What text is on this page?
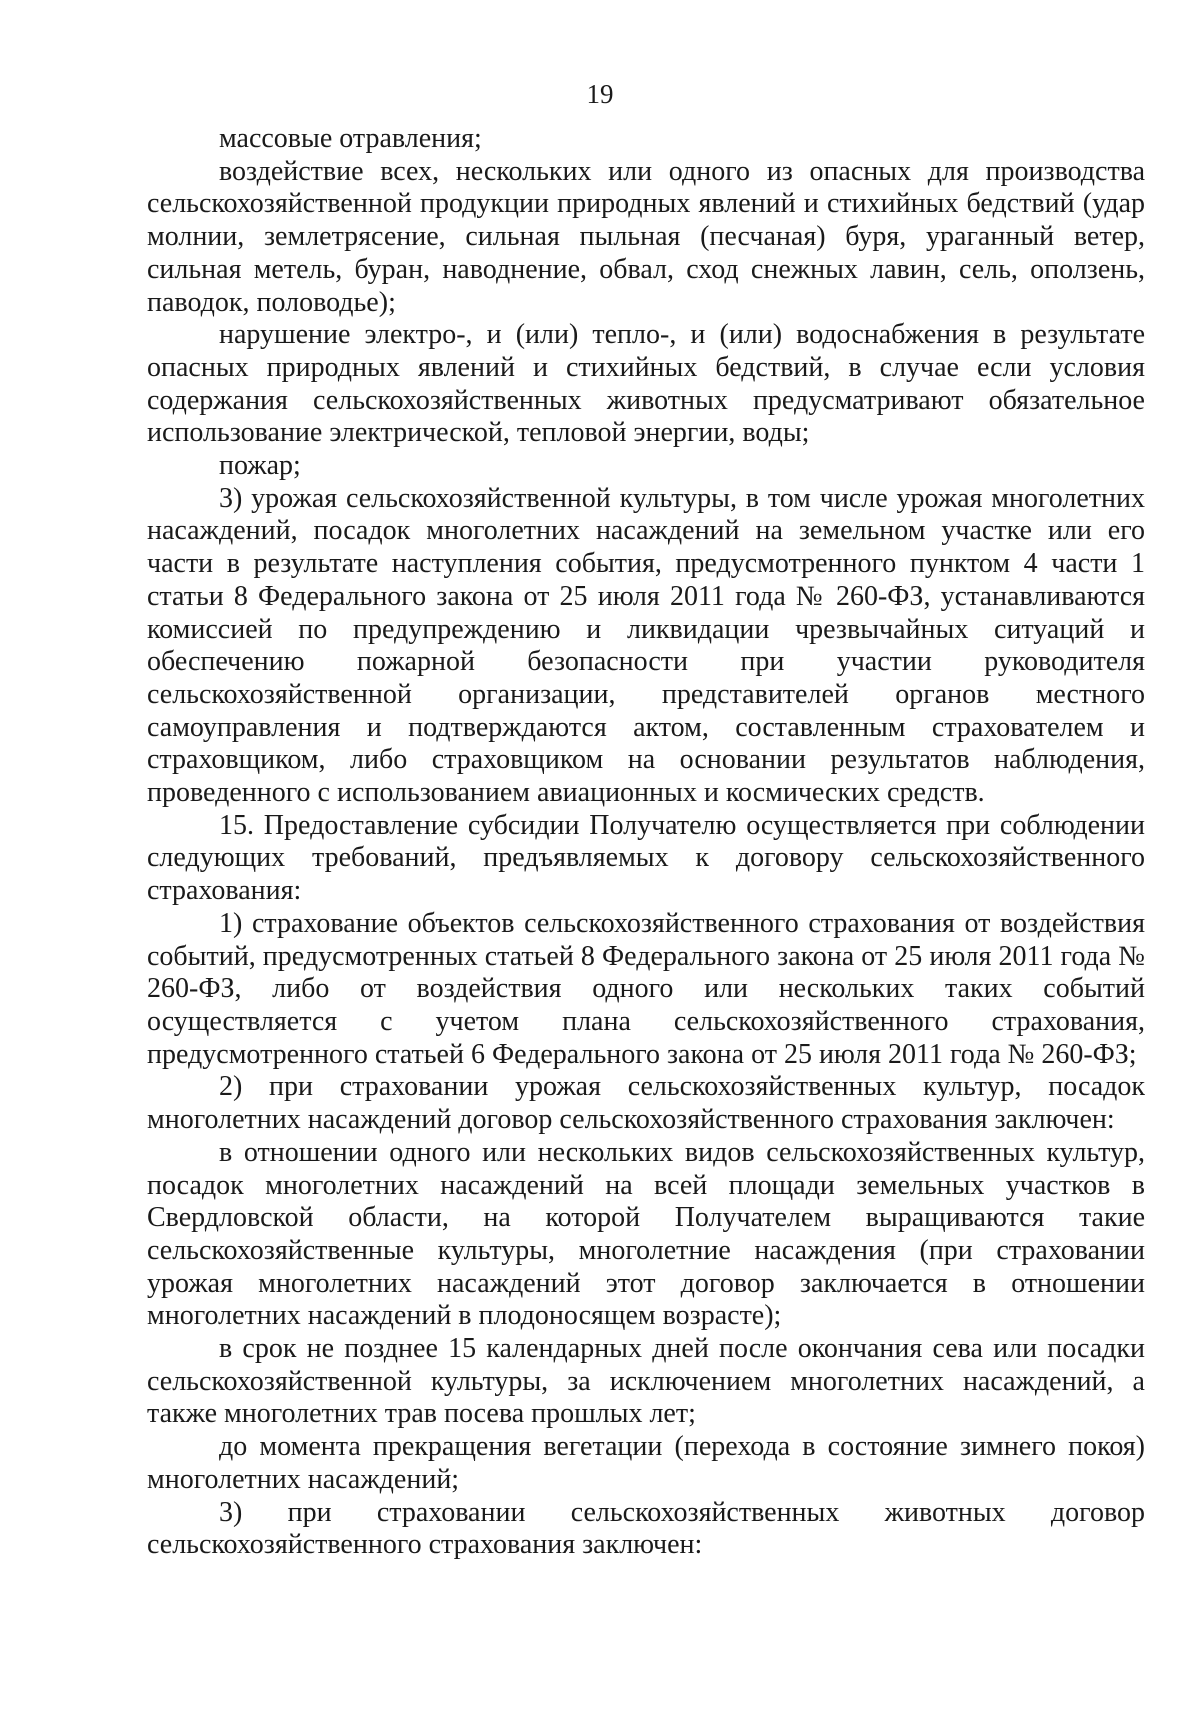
19

массовые отравления;

воздействие всех, нескольких или одного из опасных для производства сельскохозяйственной продукции природных явлений и стихийных бедствий (удар молнии, землетрясение, сильная пыльная (песчаная) буря, ураганный ветер, сильная метель, буран, наводнение, обвал, сход снежных лавин, сель, оползень, паводок, половодье);

нарушение электро-, и (или) тепло-, и (или) водоснабжения в результате опасных природных явлений и стихийных бедствий, в случае если условия содержания сельскохозяйственных животных предусматривают обязательное использование электрической, тепловой энергии, воды;

пожар;

3) урожая сельскохозяйственной культуры, в том числе урожая многолетних насаждений, посадок многолетних насаждений на земельном участке или его части в результате наступления события, предусмотренного пунктом 4 части 1 статьи 8 Федерального закона от 25 июля 2011 года № 260-ФЗ, устанавливаются комиссией по предупреждению и ликвидации чрезвычайных ситуаций и обеспечению пожарной безопасности при участии руководителя сельскохозяйственной организации, представителей органов местного самоуправления и подтверждаются актом, составленным страхователем и страховщиком, либо страховщиком на основании результатов наблюдения, проведенного с использованием авиационных и космических средств.

15. Предоставление субсидии Получателю осуществляется при соблюдении следующих требований, предъявляемых к договору сельскохозяйственного страхования:

1) страхование объектов сельскохозяйственного страхования от воздействия событий, предусмотренных статьей 8 Федерального закона от 25 июля 2011 года № 260-ФЗ, либо от воздействия одного или нескольких таких событий осуществляется с учетом плана сельскохозяйственного страхования, предусмотренного статьей 6 Федерального закона от 25 июля 2011 года № 260-ФЗ;

2) при страховании урожая сельскохозяйственных культур, посадок многолетних насаждений договор сельскохозяйственного страхования заключен:

в отношении одного или нескольких видов сельскохозяйственных культур, посадок многолетних насаждений на всей площади земельных участков в Свердловской области, на которой Получателем выращиваются такие сельскохозяйственные культуры, многолетние насаждения (при страховании урожая многолетних насаждений этот договор заключается в отношении многолетних насаждений в плодоносящем возрасте);

в срок не позднее 15 календарных дней после окончания сева или посадки сельскохозяйственной культуры, за исключением многолетних насаждений, а также многолетних трав посева прошлых лет;

до момента прекращения вегетации (перехода в состояние зимнего покоя) многолетних насаждений;

3) при страховании сельскохозяйственных животных договор сельскохозяйственного страхования заключен:
